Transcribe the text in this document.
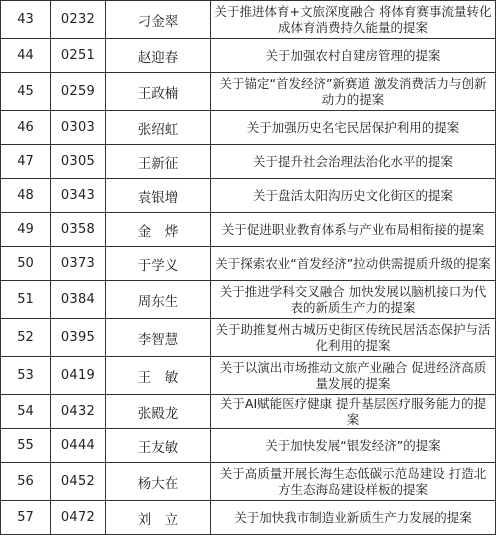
43	0232	刁金翠	关于推进体育+文旅深度融合 将体育赛事流量转化成体育消费持久能量的提案
44	0251	赵迎春	关于加强农村自建房管理的提案
45	0259	王政楠	关于锚定“首发经济”新赛道 激发消费活力与创新动力的提案
46	0303	张绍虹	关于加强历史名宅民居保护利用的提案
47	0305	王新征	关于提升社会治理法治化水平的提案
48	0343	袁银增	关于盘活太阳沟历史文化街区的提案
49	0358	金　烨	关于促进职业教育体系与产业布局相衔接的提案
50	0373	于学义	关于探索农业“首发经济”拉动供需提质升级的提案
51	0384	周东生	关于推进学科交叉融合 加快发展以脑机接口为代表的新质生产力的提案
52	0395	李智慧	关于助推复州古城历史街区传统民居活态保护与活化利用的提案
53	0419	王　敏	关于以演出市场推动文旅产业融合 促进经济高质量发展的提案
54	0432	张殿龙	关于AI赋能医疗健康 提升基层医疗服务能力的提案
55	0444	王友敏	关于加快发展“银发经济”的提案
56	0452	杨大在	关于高质量开展长海生态低碳示范岛建设 打造北方生态海岛建设样板的提案
57	0472	刘　立	关于加快我市制造业新质生产力发展的提案
